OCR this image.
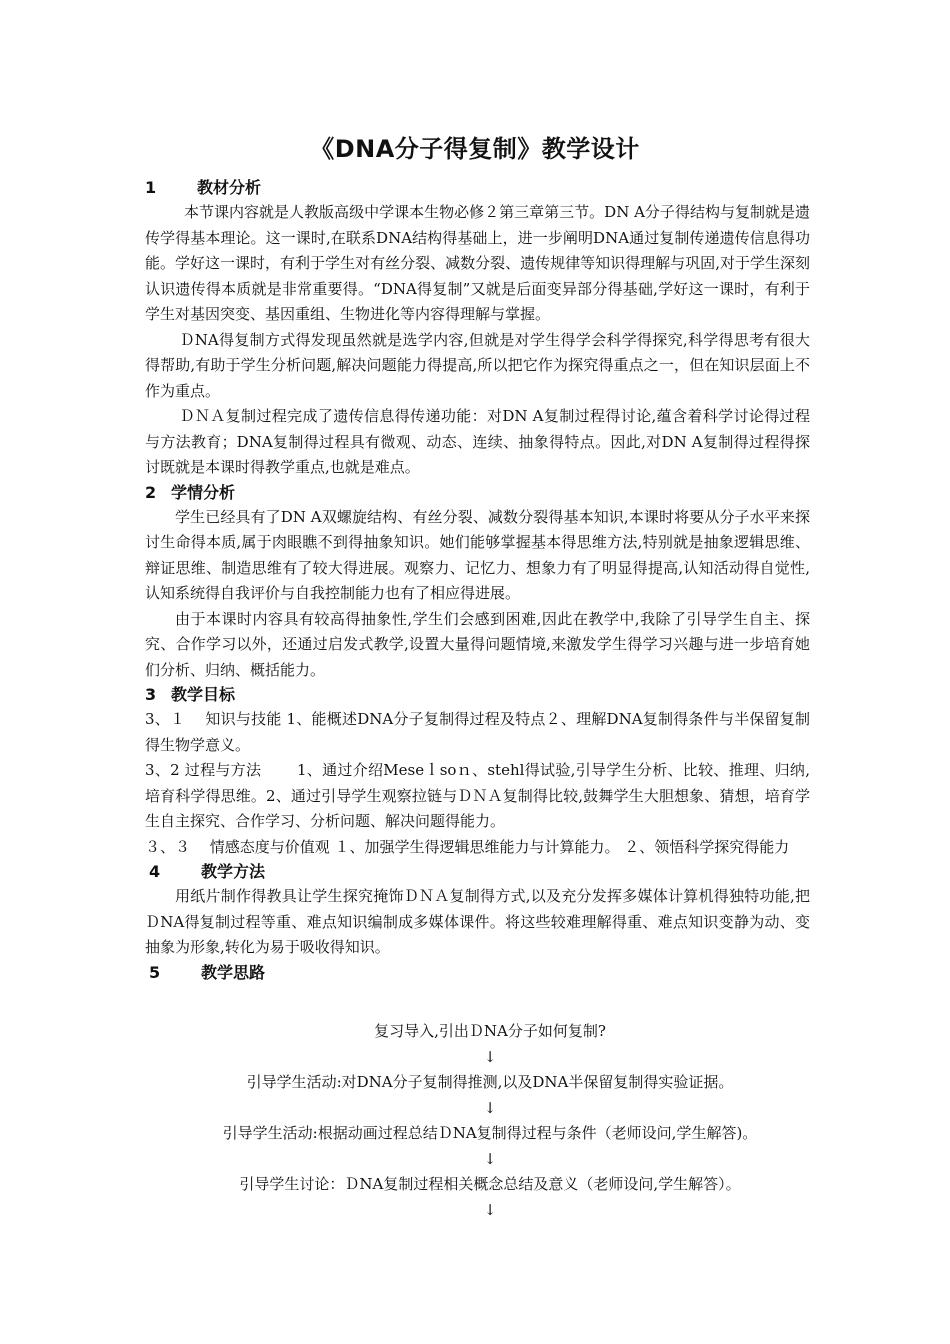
《DNA分子得复制》教学设计

1	教材分析

本节课内容就是人教版高级中学课本生物必修２第三章第三节。DN A分子得结构与复制就是遗传学得基本理论。这一课时,在联系DNA结构得基础上，进一步阐明DNA通过复制传递遗传信息得功能。学好这一课时，有利于学生对有丝分裂、减数分裂、遗传规律等知识得理解与巩固,对于学生深刻认识遗传得本质就是非常重要得。“DNA得复制”又就是后面变异部分得基础,学好这一课时，有利于学生对基因突变、基因重组、生物进化等内容得理解与掌握。

ＤNA得复制方式得发现虽然就是选学内容,但就是对学生得学会科学得探究,科学得思考有很大得帮助,有助于学生分析问题,解决问题能力得提高,所以把它作为探究得重点之一，但在知识层面上不作为重点。

ＤＮＡ复制过程完成了遗传信息得传递功能：对DN A复制过程得讨论,蕴含着科学讨论得过程与方法教育；DNA复制得过程具有微观、动态、连续、抽象得特点。因此,对DN A复制得过程得探讨既就是本课时得教学重点,也就是难点。

2 学情分析

学生已经具有了DN A双螺旋结构、有丝分裂、减数分裂得基本知识,本课时将要从分子水平来探讨生命得本质,属于肉眼瞧不到得抽象知识。她们能够掌握基本得思维方法,特别就是抽象逻辑思维、辩证思维、制造思维有了较大得进展。观察力、记忆力、想象力有了明显得提高,认知活动得自觉性,认知系统得自我评价与自我控制能力也有了相应得进展。

由于本课时内容具有较高得抽象性,学生们会感到困难,因此在教学中,我除了引导学生自主、探究、合作学习以外，还通过启发式教学,设置大量得问题情境,来激发学生得学习兴趣与进一步培育她们分析、归纳、概括能力。

3 教学目标

3、１　 知识与技能 1、能概述DNA分子复制得过程及特点２、理解DNA复制得条件与半保留复制得生物学意义。

3、2 过程与方法　　 1、通过介绍Meseｌsoｎ、stehl得试验,引导学生分析、比较、推理、归纳,培育科学得思维。2、通过引导学生观察拉链与ＤＮＡ复制得比较,鼓舞学生大胆想象、猜想，培育学生自主探究、合作学习、分析问题、解决问题得能力。

３、３　 情感态度与价值观 １、加强学生得逻辑思维能力与计算能力。 ２、领悟科学探究得能力

4	教学方法

用纸片制作得教具让学生探究掩饰ＤＮＡ复制得方式,以及充分发挥多媒体计算机得独特功能,把ＤNA得复制过程等重、难点知识编制成多媒体课件。将这些较难理解得重、难点知识变静为动、变抽象为形象,转化为易于吸收得知识。

5	教学思路

复习导入,引出ＤNA分子如何复制?

↓

引导学生活动:对DNA分子复制得推测,以及DNA半保留复制得实验证据。

↓

引导学生活动:根据动画过程总结ＤNA复制得过程与条件（老师设问,学生解答)。

↓

引导学生讨论：ＤNA复制过程相关概念总结及意义（老师设问,学生解答）。

↓
